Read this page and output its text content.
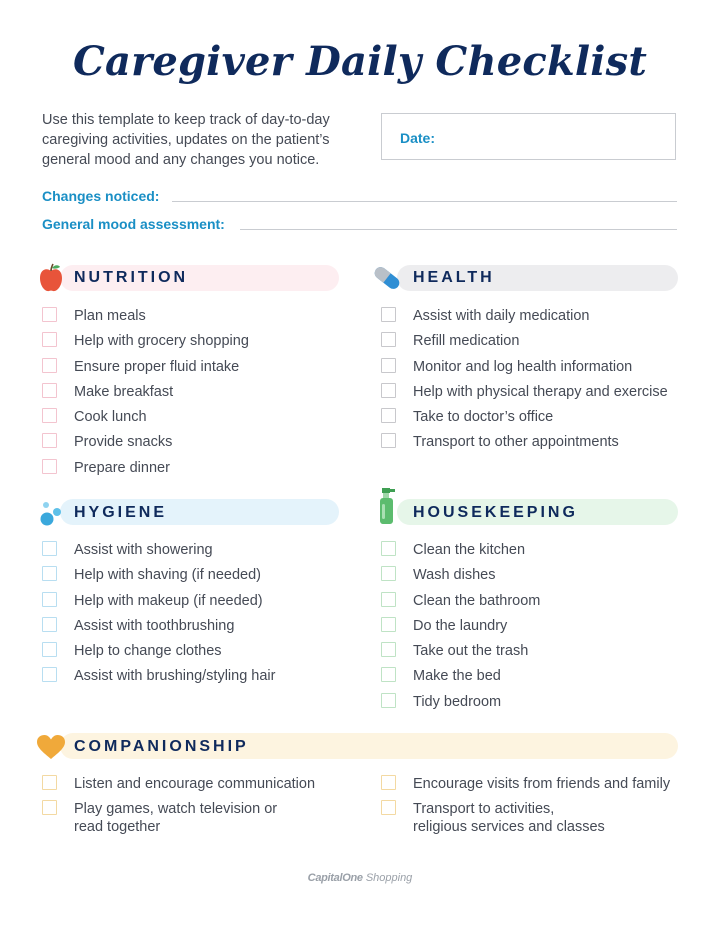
Caregiver Daily Checklist
Use this template to keep track of day-to-day caregiving activities, updates on the patient’s general mood and any changes you notice.
Date:
Changes noticed:
General mood assessment:
NUTRITION
Plan meals
Help with grocery shopping
Ensure proper fluid intake
Make breakfast
Cook lunch
Provide snacks
Prepare dinner
HEALTH
Assist with daily medication
Refill medication
Monitor and log health information
Help with physical therapy and exercise
Take to doctor’s office
Transport to other appointments
HYGIENE
Assist with showering
Help with shaving (if needed)
Help with makeup (if needed)
Assist with toothbrushing
Help to change clothes
Assist with brushing/styling hair
HOUSEKEEPING
Clean the kitchen
Wash dishes
Clean the bathroom
Do the laundry
Take out the trash
Make the bed
Tidy bedroom
COMPANIONSHIP
Listen and encourage communication
Play games, watch television or
read together
Encourage visits from friends and family
Transport to activities,
religious services and classes
CapitalOne Shopping
